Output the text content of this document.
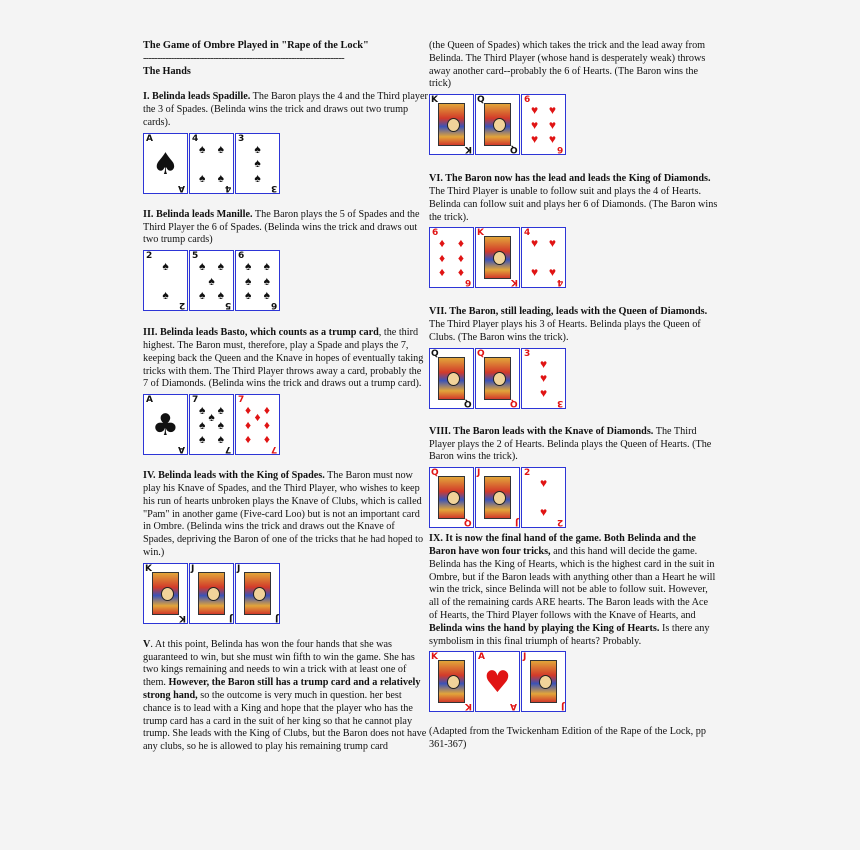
The Game of Ombre Played in "Rape of the Lock"
------------------------------------------------------------------------
The Hands

I. Belinda leads Spadille. The Baron plays the 4 and the Third player the 3 of Spades. (Belinda wins the trick and draws out two trump cards).

A
A
♠
4
4
♠ ♠
♠ ♠
3
3
♠
♠
♠

II. Belinda leads Manille. The Baron plays the 5 of Spades and the Third Player the 6 of Spades. (Belinda wins the trick and draws out two trump cards)

2
2
♠
♠
5
5
♠ ♠
♠
♠ ♠
6
6
♠ ♠
♠ ♠
♠ ♠

III. Belinda leads Basto, which counts as a trump card, the third highest. The Baron must, therefore, play a Spade and plays the 7, keeping back the Queen and the Knave in hopes of eventually taking tricks with them. The Third Player throws away a card, probably the 7 of Diamonds. (Belinda wins the trick and draws out a trump card).

A
A
♣
7
7
♠ ♠
♠
♠ ♠
♠ ♠
7
7
♦ ♦
♦
♦ ♦
♦ ♦

IV. Belinda leads with the King of Spades. The Baron must now play his Knave of Spades, and the Third Player, who wishes to keep his run of hearts unbroken plays the Knave of Clubs, which is called "Pam" in another game (Five-card Loo) but is not an important card in Ombre. (Belinda wins the trick and draws out the Knave of Spades, depriving the Baron of one of the tricks that he had hoped to win.)

K
K
J
J
J
J

V. At this point, Belinda has won the four hands that she was guaranteed to win, but she must win fifth to win the game. She has two kings remaining and needs to win a trick with at least one of them. However, the Baron still has a trump card and a relatively strong hand, so the outcome is very much in question. her best chance is to lead with a King and hope that the player who has the trump card has a card in the suit of her king so that he cannot play trump. She leads with the King of Clubs, but the Baron does not have any clubs, so he is allowed to play his remaining trump card

(the Queen of Spades) which takes the trick and the lead away from Belinda. The Third Player (whose hand is desperately weak) throws away another card--probably the 6 of Hearts. (The Baron wins the trick)

K
K
Q
Q
6
6
♥ ♥
♥ ♥
♥ ♥

VI. The Baron now has the lead and leads the King of Diamonds. The Third Player is unable to follow suit and plays the 4 of Hearts. Belinda can follow suit and plays her 6 of Diamonds. (The Baron wins the trick).

6
6
♦ ♦
♦ ♦
♦ ♦
K
K
4
4
♥ ♥
♥ ♥

VII. The Baron, still leading, leads with the Queen of Diamonds. The Third Player plays his 3 of Hearts. Belinda plays the Queen of Clubs. (The Baron wins the trick).

Q
Q
Q
Q
3
3
♥
♥
♥

VIII. The Baron leads with the Knave of Diamonds. The Third Player plays the 2 of Hearts. Belinda plays the Queen of Hearts. (The Baron wins the trick).

Q
Q
J
J
2
2
♥
♥

IX. It is now the final hand of the game. Both Belinda and the Baron have won four tricks, and this hand will decide the game. Belinda has the King of Hearts, which is the highest card in the suit in Ombre, but if the Baron leads with anything other than a Heart he will win the trick, since Belinda will not be able to follow suit. However, all of the remaining cards ARE hearts. The Baron leads with the Ace of Hearts, the Third Player follows with the Knave of Hearts, and Belinda wins the hand by playing the King of Hearts. Is there any symbolism in this final triumph of hearts? Probably.

K
K
A
A
♥
J
J

(Adapted from the Twickenham Edition of the Rape of the Lock, pp 361-367)
